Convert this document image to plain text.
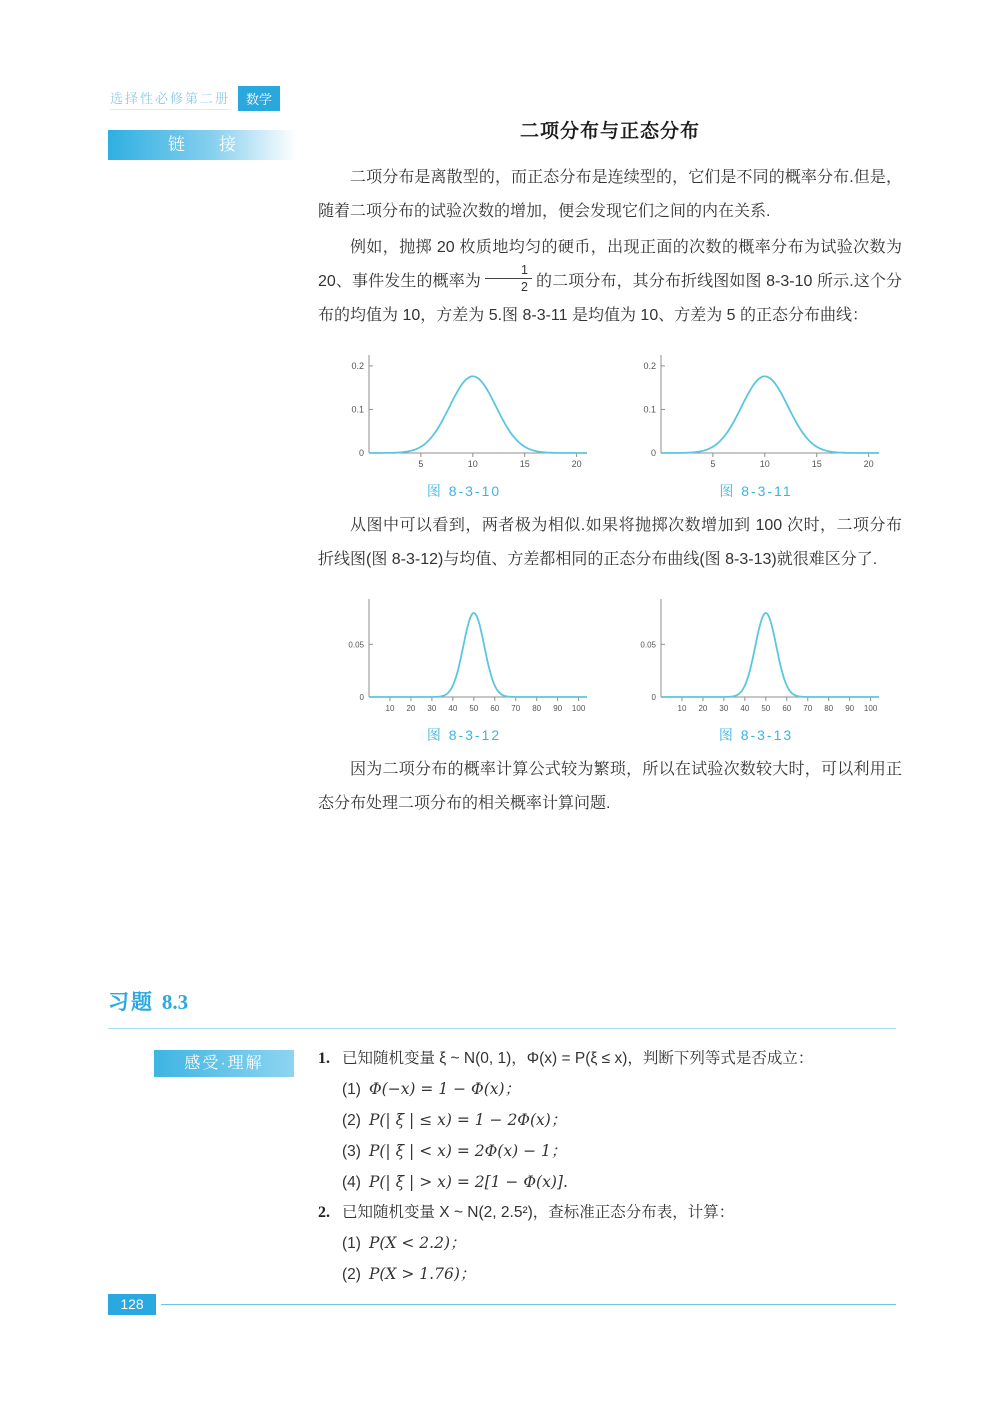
选择性必修第二册	数学
链　　接
二项分布与正态分布

二项分布是离散型的，而正态分布是连续型的，它们是不同的概率分布.但是，随着二项分布的试验次数的增加，便会发现它们之间的内在关系.

例如，抛掷 20 枚质地均匀的硬币，出现正面的次数的概率分布为试验次数为 20、事件发生的概率为 $\frac{1}{2}$ 的二项分布，其分布折线图如图 8-3-10 所示.这个分布的均值为 10，方差为 5.图 8-3-11 是均值为 10、方差为 5 的正态分布曲线：

0
0.1
0.2
5	10	15	20
图 8-3-10
0
0.1
0.2
5	10	15	20
图 8-3-11

从图中可以看到，两者极为相似.如果将抛掷次数增加到 100 次时，二项分布折线图(图 8-3-12)与均值、方差都相同的正态分布曲线(图 8-3-13)就很难区分了.

0
0.05
10 20 30 40 50 60 70 80 90 100
图 8-3-12
0
0.05
10 20 30 40 50 60 70 80 90 100
图 8-3-13

因为二项分布的概率计算公式较为繁琐，所以在试验次数较大时，可以利用正态分布处理二项分布的相关概率计算问题.

习题 8.3
感受·理解	1. 已知随机变量 ξ ~ N(0, 1)，Φ(x) = P(ξ ≤ x)，判断下列等式是否成立：
(1) Φ(−x) = 1 − Φ(x)；
(2) P(| ξ | ≤ x) = 1 − 2Φ(x)；
(3) P(| ξ | < x) = 2Φ(x) − 1；
(4) P(| ξ | > x) = 2[1 − Φ(x)].
2. 已知随机变量 X ~ N(2, 2.5²)，查标准正态分布表，计算：
(1) P(X < 2.2)；
(2) P(X > 1.76)；
128
